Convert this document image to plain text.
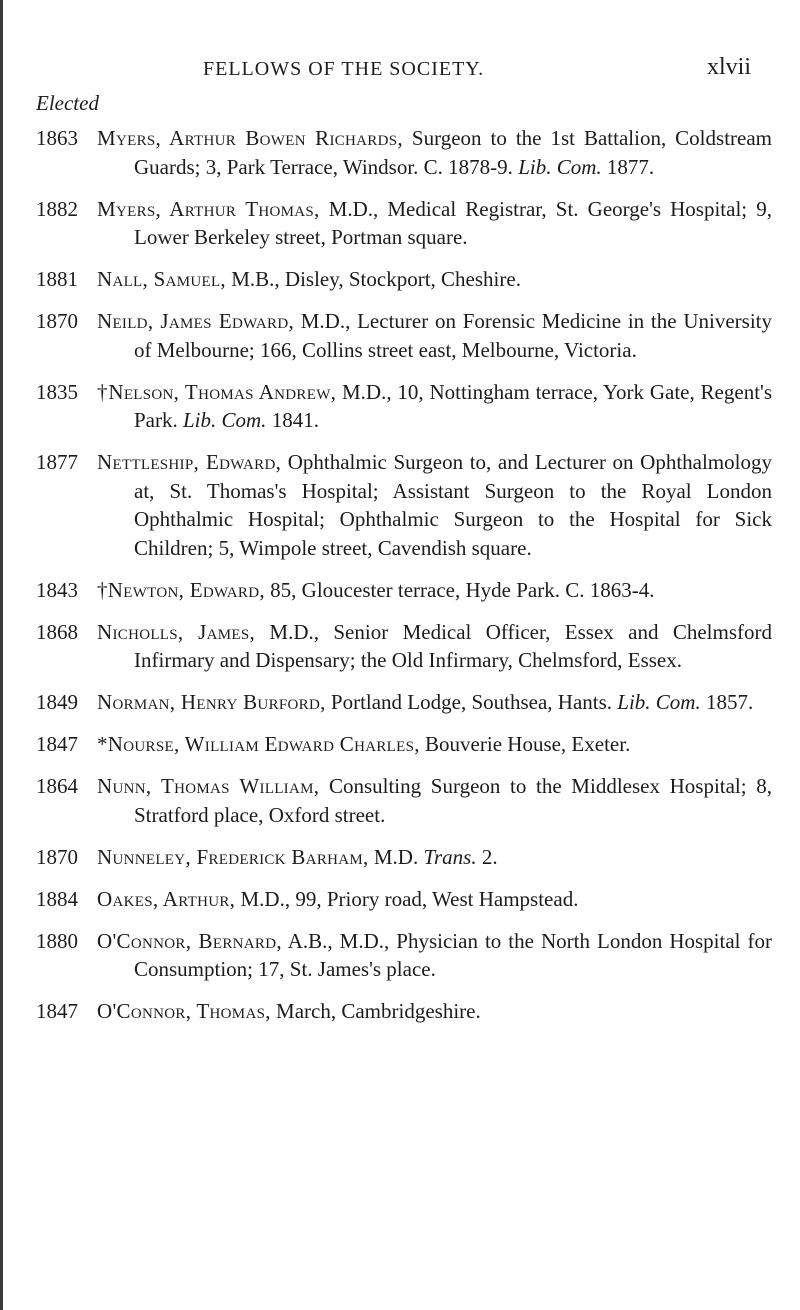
FELLOWS OF THE SOCIETY.	xlvii
Elected
1863 Myers, Arthur Bowen Richards, Surgeon to the 1st Battalion, Coldstream Guards; 3, Park Terrace, Windsor. C. 1878-9. Lib. Com. 1877.
1882 Myers, Arthur Thomas, M.D., Medical Registrar, St. George's Hospital; 9, Lower Berkeley street, Portman square.
1881 Nall, Samuel, M.B., Disley, Stockport, Cheshire.
1870 Neild, James Edward, M.D., Lecturer on Forensic Medicine in the University of Melbourne; 166, Collins street east, Melbourne, Victoria.
1835 †Nelson, Thomas Andrew, M.D., 10, Nottingham terrace, York Gate, Regent's Park. Lib. Com. 1841.
1877 Nettleship, Edward, Ophthalmic Surgeon to, and Lecturer on Ophthalmology at, St. Thomas's Hospital; Assistant Surgeon to the Royal London Ophthalmic Hospital; Ophthalmic Surgeon to the Hospital for Sick Children; 5, Wimpole street, Cavendish square.
1843 †Newton, Edward, 85, Gloucester terrace, Hyde Park. C. 1863-4.
1868 Nicholls, James, M.D., Senior Medical Officer, Essex and Chelmsford Infirmary and Dispensary; the Old Infirmary, Chelmsford, Essex.
1849 Norman, Henry Burford, Portland Lodge, Southsea, Hants. Lib. Com. 1857.
1847 *Nourse, William Edward Charles, Bouverie House, Exeter.
1864 Nunn, Thomas William, Consulting Surgeon to the Middlesex Hospital; 8, Stratford place, Oxford street.
1870 Nunneley, Frederick Barham, M.D. Trans. 2.
1884 Oakes, Arthur, M.D., 99, Priory road, West Hampstead.
1880 O'Connor, Bernard, A.B., M.D., Physician to the North London Hospital for Consumption; 17, St. James's place.
1847 O'Connor, Thomas, March, Cambridgeshire.
